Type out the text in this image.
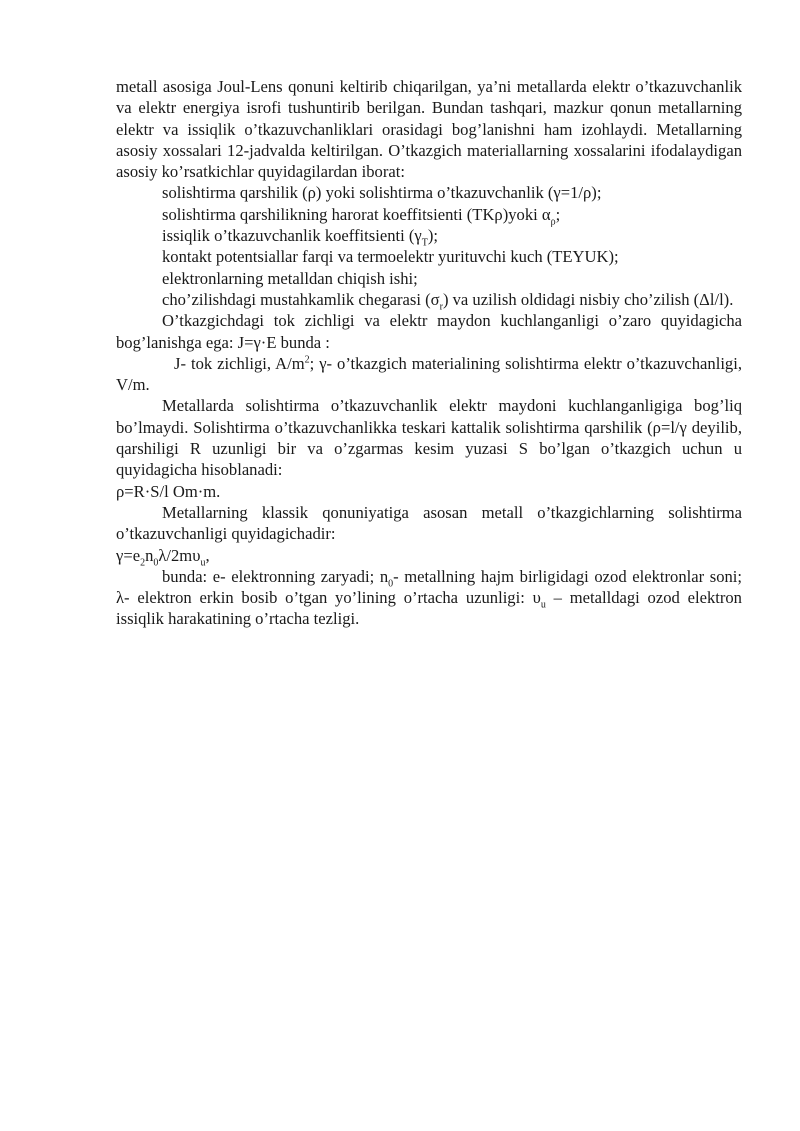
metall asosiga Joul-Lens qonuni keltirib chiqarilgan, ya’ni metallarda elektr o’tkazuvchanlik va elektr energiya isrofi tushuntirib berilgan. Bundan tashqari, mazkur qonun metallarning elektr va issiqlik o’tkazuvchanliklari orasidagi bog’lanishni ham izohlaydi. Metallarning asosiy xossalari 12-jadvalda keltirilgan. O’tkazgich materiallarning xossalarini ifodalaydigan asosiy ko’rsatkichlar quyidagilardan iborat:

solishtirma qarshilik (ρ) yoki solishtirma o’tkazuvchanlik (γ=1/ρ);

solishtirma qarshilikning harorat koeffitsienti (TKρ)yoki $\alpha_\rho$;

issiqlik o’tkazuvchanlik koeffitsienti $(\gamma_T)$;

kontakt potentsiallar farqi va termoelektr yurituvchi kuch (TEYUK);

elektronlarning metalldan chiqish ishi;

cho’zilishdagi mustahkamlik chegarasi $(\sigma_r)$ va uzilish oldidagi nisbiy cho’zilish (Δl/l).

O’tkazgichdagi tok zichligi va elektr maydon kuchlanganligi o’zaro quyidagicha bog’lanishga ega: J=γ·E bunda :

J- tok zichligi, $A/m^2$; γ- o’tkazgich materialining solishtirma elektr o’tkazuvchanligi, V/m.

Metallarda solishtirma o’tkazuvchanlik elektr maydoni kuchlanganligiga bog’liq bo’lmaydi. Solishtirma o’tkazuvchanlikka teskari kattalik solishtirma qarshilik (ρ=l/γ deyilib, qarshiligi R uzunligi bir va o’zgarmas kesim yuzasi S bo’lgan o’tkazgich uchun u quyidagicha hisoblanadi:

ρ=R·S/l Om·m.

Metallarning klassik qonuniyatiga asosan metall o’tkazgichlarning solishtirma o’tkazuvchanligi quyidagichadir:

$\gamma=e_2n_0\lambda/2m\upsilon_u$,

bunda: e- elektronning zaryadi; $n_0-$ metallning hajm birligidagi ozod elektronlar soni; λ- elektron erkin bosib o’tgan yo’lining o’rtacha uzunligi: $\upsilon_u$ – metalldagi ozod elektron issiqlik harakatining o’rtacha tezligi.
